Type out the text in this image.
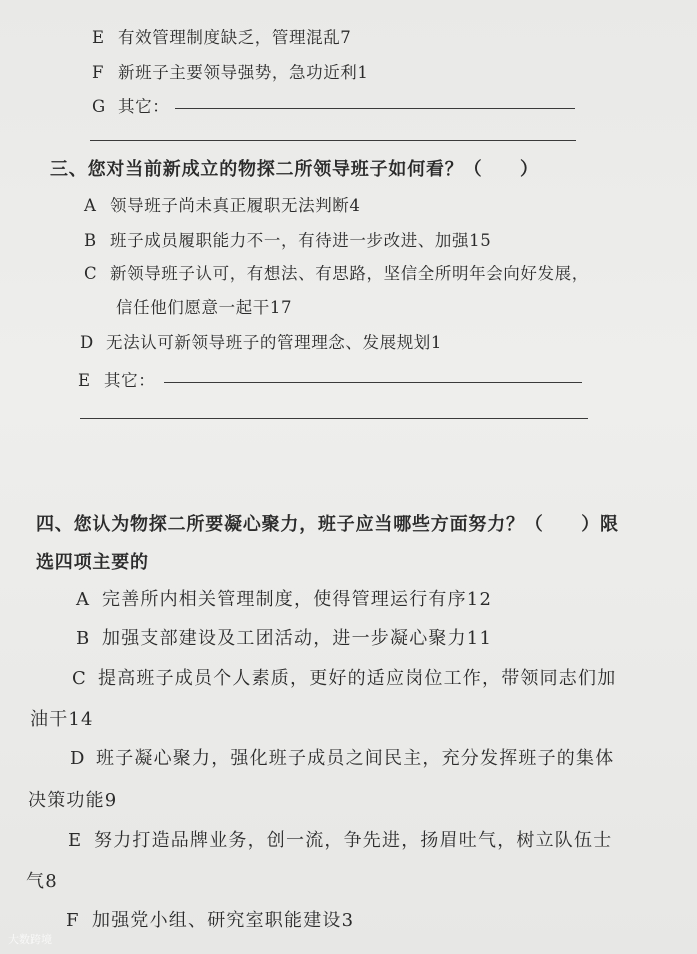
E 有效管理制度缺乏，管理混乱7
F 新班子主要领导强势，急功近利1
G 其它：
三、您对当前新成立的物探二所领导班子如何看？（　　）
A 领导班子尚未真正履职无法判断4
B 班子成员履职能力不一，有待进一步改进、加强15
C 新领导班子认可，有想法、有思路，坚信全所明年会向好发展，
信任他们愿意一起干17
D 无法认可新领导班子的管理理念、发展规划1
E 其它：
四、您认为物探二所要凝心聚力，班子应当哪些方面努力？（　　）限
选四项主要的
A 完善所内相关管理制度，使得管理运行有序12
B 加强支部建设及工团活动，进一步凝心聚力11
C 提高班子成员个人素质，更好的适应岗位工作，带领同志们加
油干14
D 班子凝心聚力，强化班子成员之间民主，充分发挥班子的集体
决策功能9
E 努力打造品牌业务，创一流，争先进，扬眉吐气，树立队伍士
气8
F 加强党小组、研究室职能建设3
大数跨境
